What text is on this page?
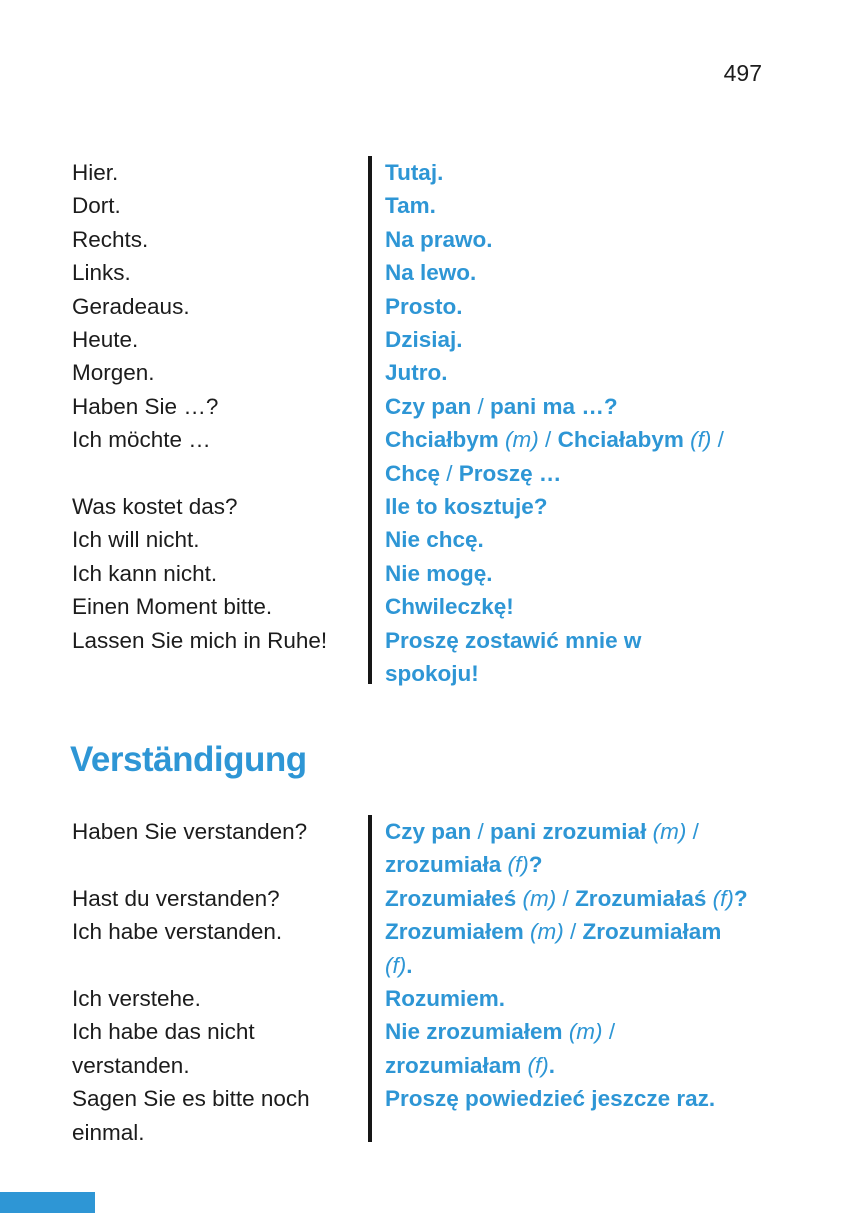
497
Hier.
Dort.
Rechts.
Links.
Geradeaus.
Heute.
Morgen.
Haben Sie …?
Ich möchte …

Was kostet das?
Ich will nicht.
Ich kann nicht.
Einen Moment bitte.
Lassen Sie mich in Ruhe!

Tutaj.
Tam.
Na prawo.
Na lewo.
Prosto.
Dzisiaj.
Jutro.
Czy pan / pani ma …?
Chciałbym (m) / Chciałabym (f) /
Chcę / Proszę …
Ile to kosztuje?
Nie chcę.
Nie mogę.
Chwileczkę!
Proszę zostawić mnie w
spokoju!
Verständigung
Haben Sie verstanden?

Hast du verstanden?
Ich habe verstanden.

Ich verstehe.
Ich habe das nicht
verstanden.
Sagen Sie es bitte noch
einmal.
Czy pan / pani zrozumiał (m) /
zrozumiała (f)?
Zrozumiałeś (m) / Zrozumiałaś (f)?
Zrozumiałem (m) / Zrozumiałam
(f).
Rozumiem.
Nie zrozumiałem (m) /
zrozumiałam (f).
Proszę powiedzieć jeszcze raz.
